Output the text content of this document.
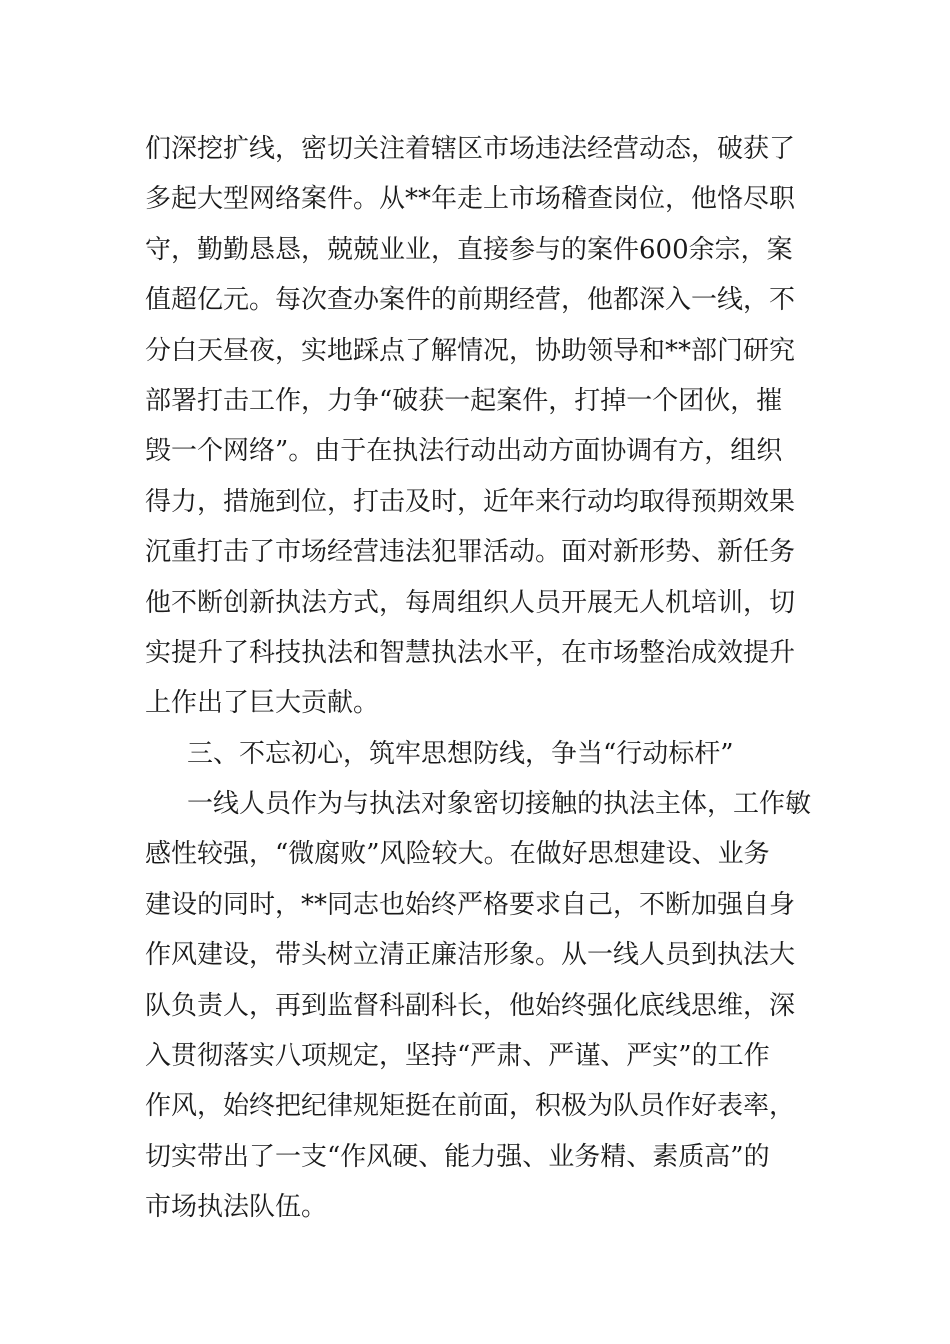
们深挖扩线，密切关注着辖区市场违法经营动态，破获了
多起大型网络案件。从**年走上市场稽查岗位，他恪尽职
守，勤勤恳恳，兢兢业业，直接参与的案件600余宗，案
值超亿元。每次查办案件的前期经营，他都深入一线，不
分白天昼夜，实地踩点了解情况，协助领导和**部门研究
部署打击工作，力争“破获一起案件，打掉一个团伙，摧
毁一个网络”。由于在执法行动出动方面协调有方，组织
得力，措施到位，打击及时，近年来行动均取得预期效果
沉重打击了市场经营违法犯罪活动。面对新形势、新任务
他不断创新执法方式，每周组织人员开展无人机培训，切
实提升了科技执法和智慧执法水平，在市场整治成效提升
上作出了巨大贡献。
三、不忘初心，筑牢思想防线，争当“行动标杆”
一线人员作为与执法对象密切接触的执法主体，工作敏
感性较强，“微腐败”风险较大。在做好思想建设、业务
建设的同时，**同志也始终严格要求自己，不断加强自身
作风建设，带头树立清正廉洁形象。从一线人员到执法大
队负责人，再到监督科副科长，他始终强化底线思维，深
入贯彻落实八项规定，坚持“严肃、严谨、严实”的工作
作风，始终把纪律规矩挺在前面，积极为队员作好表率，
切实带出了一支“作风硬、能力强、业务精、素质高”的
市场执法队伍。
